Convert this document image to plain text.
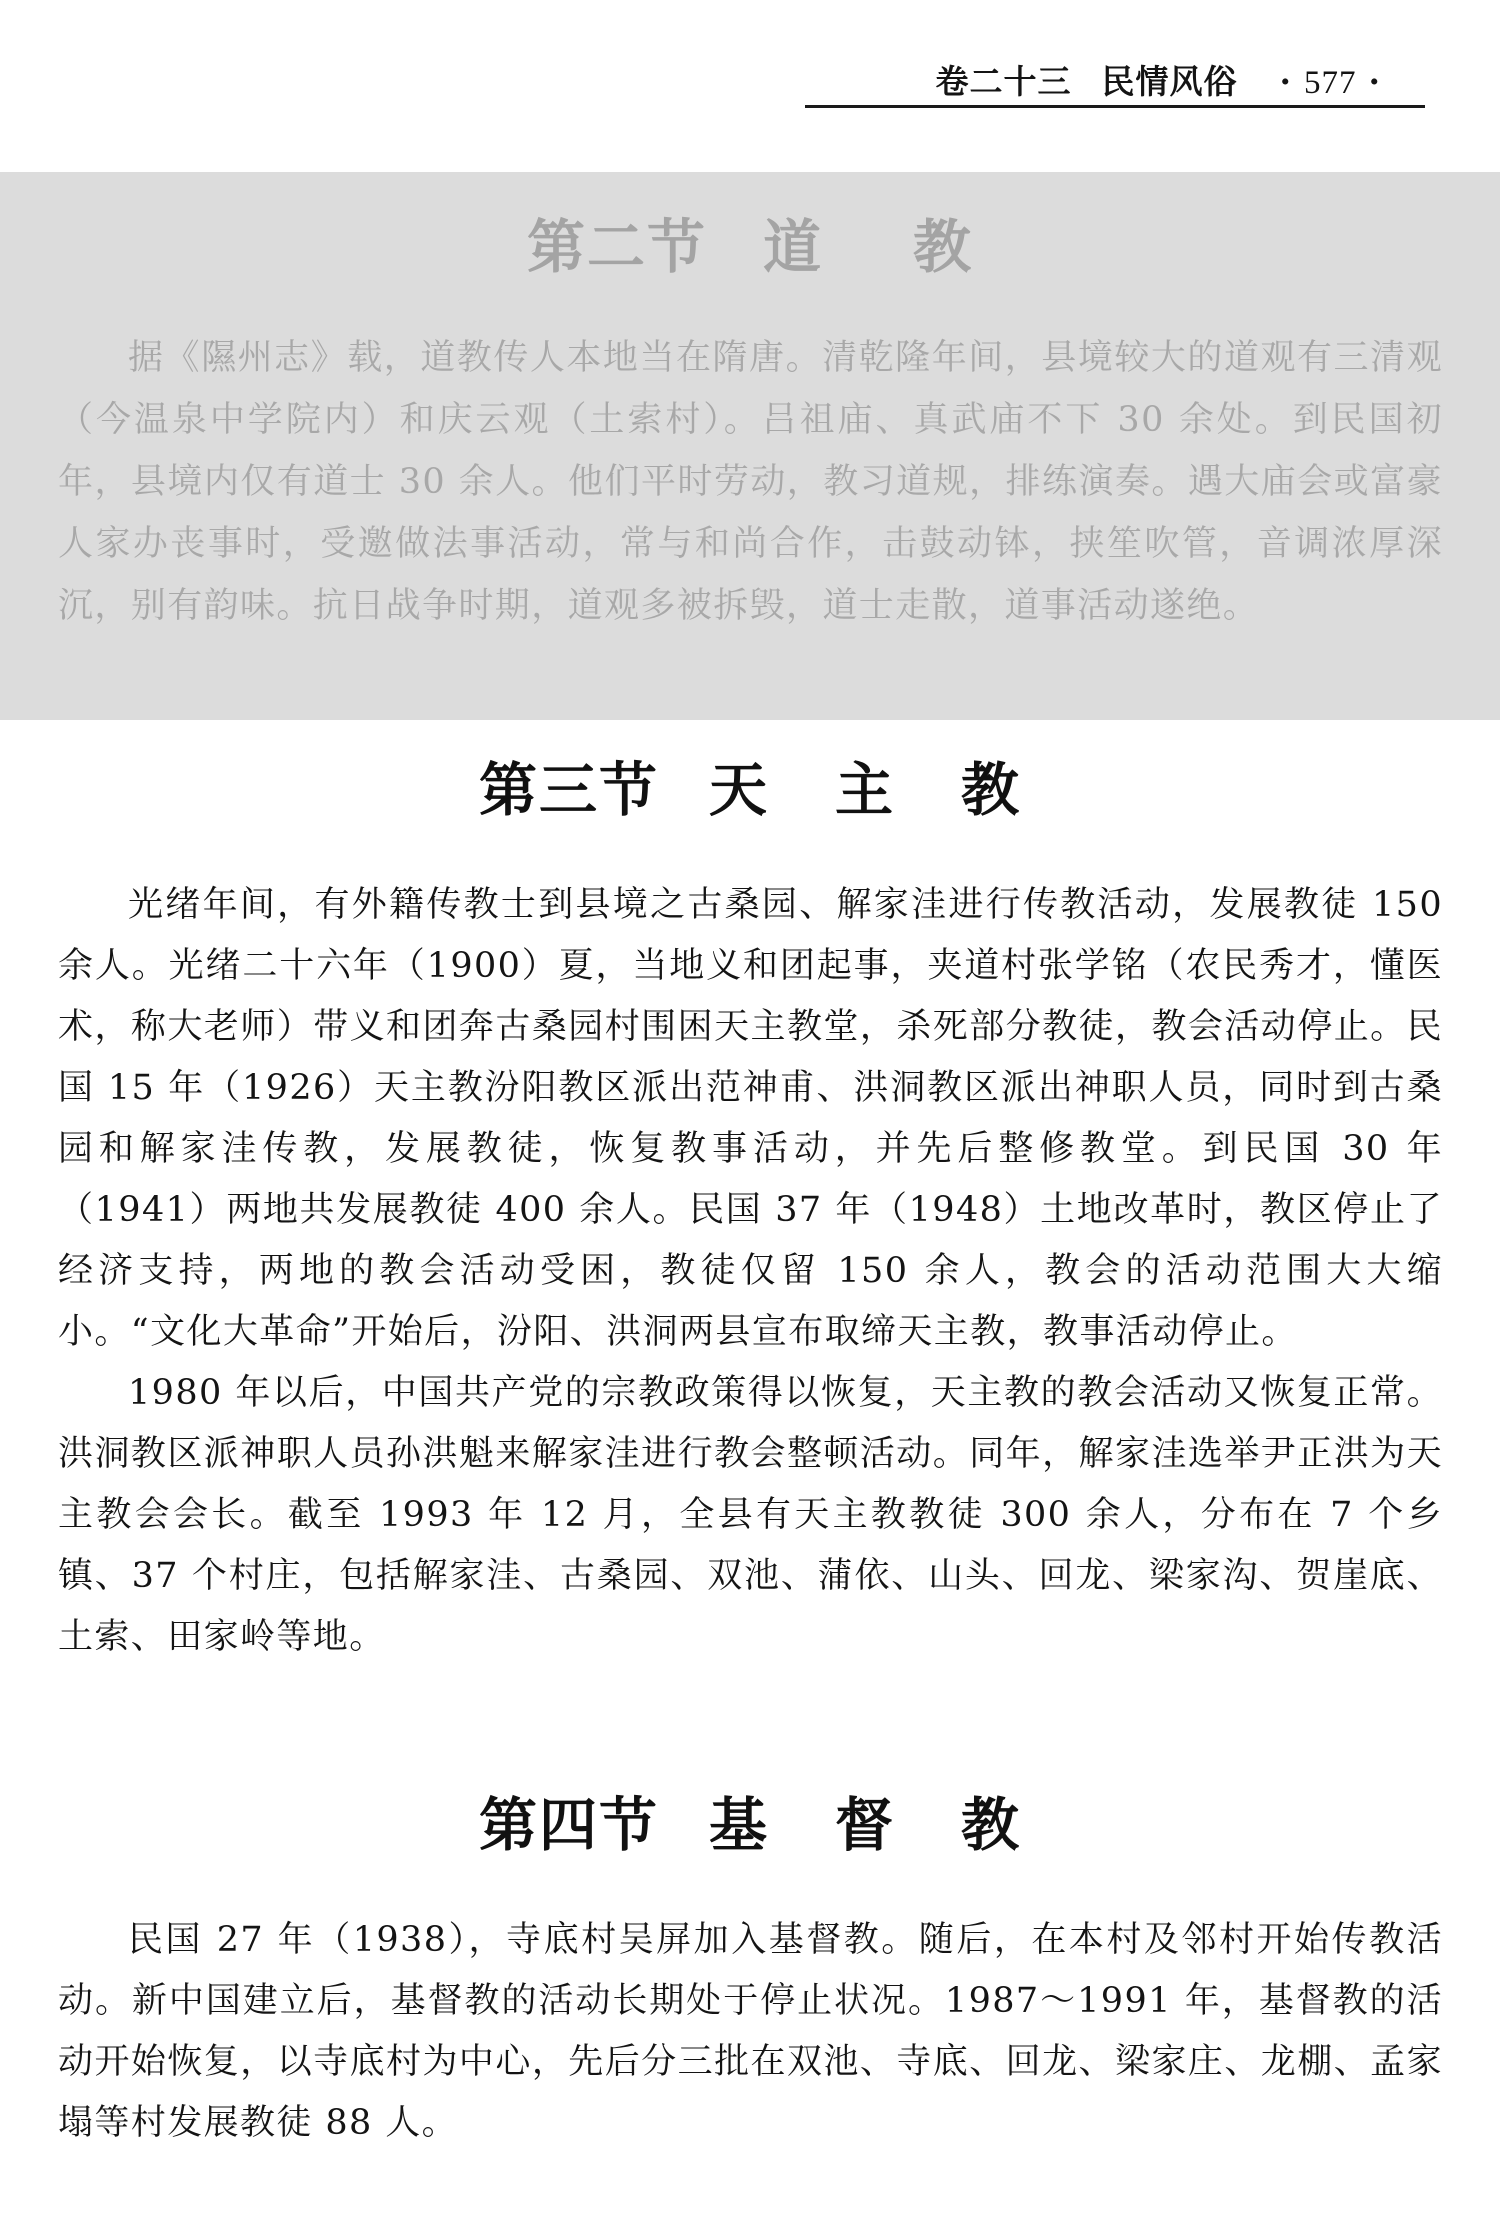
卷二十三 民情风俗 · 577 ·
第二节 道 教

据《隰州志》载，道教传人本地当在隋唐。清乾隆年间，县境较大的道观有三清观（今温泉中学院内）和庆云观（土索村）。吕祖庙、真武庙不下 30 余处。到民国初年，县境内仅有道士 30 余人。他们平时劳动，教习道规，排练演奏。遇大庙会或富豪人家办丧事时，受邀做法事活动，常与和尚合作，击鼓动钵，挟笙吹管，音调浓厚深沉，别有韵味。抗日战争时期，道观多被拆毁，道士走散，道事活动遂绝。

第三节 天 主 教

光绪年间，有外籍传教士到县境之古桑园、解家洼进行传教活动，发展教徒 150 余人。光绪二十六年（1900）夏，当地义和团起事，夹道村张学铭（农民秀才，懂医术，称大老师）带义和团奔古桑园村围困天主教堂，杀死部分教徒，教会活动停止。民国 15 年（1926）天主教汾阳教区派出范神甫、洪洞教区派出神职人员，同时到古桑园和解家洼传教，发展教徒，恢复教事活动，并先后整修教堂。到民国 30 年（1941）两地共发展教徒 400 余人。民国 37 年（1948）土地改革时，教区停止了经济支持，两地的教会活动受困，教徒仅留 150 余人，教会的活动范围大大缩小。“文化大革命”开始后，汾阳、洪洞两县宣布取缔天主教，教事活动停止。

1980 年以后，中国共产党的宗教政策得以恢复，天主教的教会活动又恢复正常。洪洞教区派神职人员孙洪魁来解家洼进行教会整顿活动。同年，解家洼选举尹正洪为天主教会会长。截至 1993 年 12 月，全县有天主教教徒 300 余人，分布在 7 个乡镇、37 个村庄，包括解家洼、古桑园、双池、蒲依、山头、回龙、梁家沟、贺崖底、土索、田家岭等地。

第四节 基 督 教

民国 27 年（1938），寺底村吴屏加入基督教。随后，在本村及邻村开始传教活动。新中国建立后，基督教的活动长期处于停止状况。1987～1991 年，基督教的活动开始恢复，以寺底村为中心，先后分三批在双池、寺底、回龙、梁家庄、龙棚、孟家塌等村发展教徒 88 人。
